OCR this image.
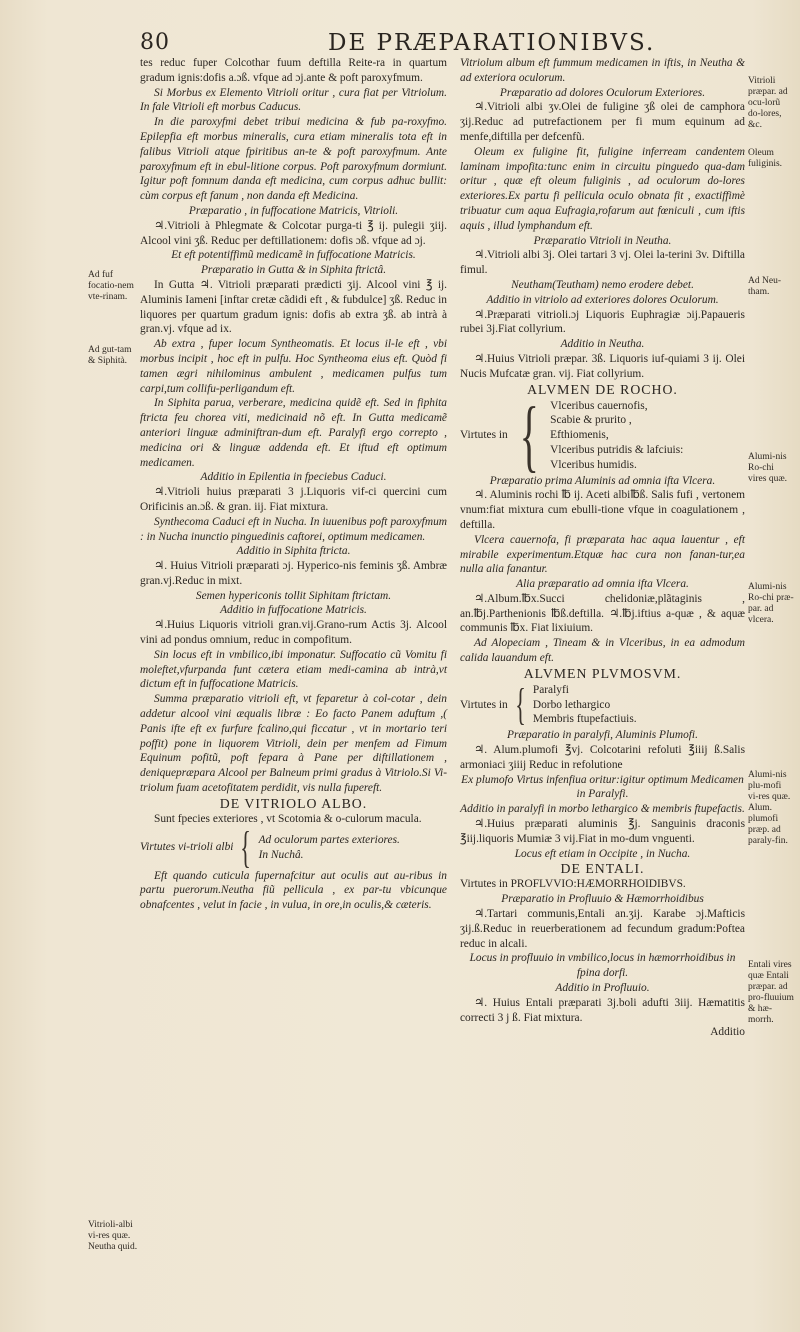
80	DE PRÆPARATIONIBVS.

tes reduc fuper Colcothar fuum deftilla Reite-ra in quartum gradum ignis:dofis a.ɔß. vfque ad ɔj.ante & poft paroxyfmum.

Si Morbus ex Elemento Vitrioli oritur , cura fiat per Vitriolum. In fale Vitrioli eft morbus Caducus.

In die paroxyfmi debet tribui medicina & fub pa-roxyfmo. Epilepfia eft morbus mineralis, cura etiam mineralis tota eft in falibus Vitrioli atque fpiritibus an-te & poft paroxyfmum. Ante paroxyfmum eft in ebul-litione corpus. Poft paroxyfmum dormiunt. Igitur poft fomnum danda eft medicina, cum corpus adhuc bullit: cùm corpus eft fanum , non danda eft Medicina.

Præparatio , in fuffocatione Matricis, Vitrioli.

♃.Vitrioli à Phlegmate & Colcotar purga-ti ℥ ij. pulegii ʒiij. Alcool vini ʒß. Reduc per deftillationem: dofis ɔß. vfque ad ɔj.

Et eft potentiffimũ medicamẽ in fuffocatione Matricis.

Præparatio in Gutta & in Siphita ftrictâ.

In Gutta ♃. Vitrioli præparati prædicti ʒij. Alcool vini ℥ ij. Aluminis Iameni [inftar cretæ cãdidi eft , & fubdulce] ʒß. Reduc in liquores per quartum gradum ignis: dofis ab extra ʒß. ab intrà à gran.vj. vfque ad ix.

Ab extra , fuper locum Syntheomatis. Et locus il-le eft , vbi morbus incipit , hoc eft in pulfu. Hoc Syntheoma eius eft. Quòd fi tamen ægri nihilominus ambulent , medicamen pulfus tum carpi,tum collifu-perligandum eft.

In Siphita parua, verberare, medicina quidẽ eft. Sed in fiphita ftricta feu chorea viti, medicinaid nõ eft. In Gutta medicamẽ anteriori linguæ adminiftran-dum eft. Paralyfi ergo correpto , medicina ori & linguæ addenda eft. Et iftud eft optimum medicamen.

Additio in Epilentia in fpeciebus Caduci.

♃.Vitrioli huius præparati 3 j.Liquoris vif-ci quercini cum Orificinis an.ɔß. & gran. iij. Fiat mixtura.

Synthecoma Caduci eft in Nucha. In iuuenibus poft paroxyfmum : in Nucha inunctio pinguedinis caftorei, optimum medicamen.

Additio in Siphita ftricta.

♃. Huius Vitrioli præparati ɔj. Hyperico-nis feminis ʒß. Ambræ gran.vj.Reduc in mixt.

Semen hypericonis tollit Siphitam ftrictam.

Additio in fuffocatione Matricis.

♃.Huius Liquoris vitrioli gran.vij.Grano-rum Actis 3j. Alcool vini ad pondus omnium, reduc in compofitum.

Sin locus eft in vmbilico,ibi imponatur. Suffocatio cũ Vomitu fi moleftet,vfurpanda funt cætera etiam medi-camina ab intrà,vt dictum eft in fuffocatione Matricis.

Summa præparatio vitrioli eft, vt feparetur à col-cotar , dein addetur alcool vini æqualis libræ : Eo facto Panem aduftum ,( Panis ifte eft ex furfure fcalino,qui ficcatur , vt in mortario teri poffit) pone in liquorem Vitrioli, dein per menfem ad Fimum Equinum pofitũ, poft fepara à Pane per diftillationem , deniquepræpara Alcool per Balneum primi gradus à Vitriolo.Si Vi-triolum fuam acetofitatem perdidit, vis nulla fupereft.

DE VITRIOLO ALBO.

Sunt fpecies exteriores , vt Scotomia & o-culorum macula.

Virtutes vi-trioli albi { Ad oculorum partes exteriores.
In Nuchâ.

Eft quando cuticula fupernafcitur aut oculis aut au-ribus in partu puerorum.Neutha fiũ pellicula , ex par-tu vbicunque obnafcentes , velut in facie , in vulua, in ore,in oculis,& cæteris.

Vitriolum album eft fummum medicamen in iftis, in Neutha & ad exteriora oculorum.

Præparatio ad dolores Oculorum Exteriores.

♃.Vitrioli albi ʒv.Olei de fuligine ʒß olei de camphora ʒij.Reduc ad putrefactionem per fi mum equinum ad menfe,diftilla per defcenfũ.

Oleum ex fuligine fit, fuligine inferream candentem laminam impofita:tunc enim in circuitu pinguedo qua-dam oritur , quæ eft oleum fuliginis , ad oculorum do-lores exteriores.Ex partu fi pellicula oculo obnata fit , exactiffimè tribuatur cum aqua Eufragia,rofarum aut fœniculi , cum iftis aquis , illud lymphandum eft.

Præparatio Vitrioli in Neutha.

♃.Vitrioli albi 3j. Olei tartari 3 vj. Olei la-terini 3v. Diftilla fimul.

Neutham(Teutham) nemo erodere debet.

Additio in vitriolo ad exteriores dolores Oculorum.

♃.Præparati vitrioli.ɔj Liquoris Euphragiæ ɔij.Papaueris rubei 3j.Fiat collyrium.

Additio in Neutha.

♃.Huius Vitrioli præpar. 3ß. Liquoris iuf-quiami 3 ij. Olei Nucis Mufcatæ gran. vij. Fiat collyrium.

ALVMEN DE ROCHO.

Virtutes in { Vlceribus cauernofis,
Scabie & prurito ,
Efthiomenis,
Vlceribus putridis & lafciuis:
Vlceribus humidis.

Præparatio prima Aluminis ad omnia ifta Vlcera.

♃. Aluminis rochi ℔ ij. Aceti albi℔ß. Salis fufi , vertonem vnum:fiat mixtura cum ebulli-tione vfque in coagulationem , deftilla.

Vlcera cauernofa, fi præparata hac aqua lauentur , eft mirabile experimentum.Etquæ hac cura non fanan-tur,ea nulla alia fanantur.

Alia præparatio ad omnia ifta Vlcera.

♃.Album.℔x.Succi chelidoniæ,plãtaginis , an.℔j.Parthenionis ℔ß.deftilla. ♃.℔j.iftius a-quæ , & aquæ communis ℔x. Fiat lixiuium.

Ad Alopeciam , Tineam & in Vlceribus, in ea admodum calida lauandum eft.

ALVMEN PLVMOSVM.

Virtutes in { Paralyfi
Dorbo lethargico
Membris ftupefactiuis.

Præparatio in paralyfi, Aluminis Plumofi.

♃. Alum.plumofi ℥vj. Colcotarini refoluti ℥iiij ß.Salis armoniaci ʒiiij Reduc in refolutione

Ex plumofo Virtus infenfiua oritur:igitur optimum Medicamen in Paralyfi.

Additio in paralyfi in morbo lethargico & membris ftupefactis.

♃.Huius præparati aluminis ℥j. Sanguinis draconis ℥iij.liquoris Mumiæ 3 vij.Fiat in mo-dum vnguenti.

Locus eft etiam in Occipite , in Nucha.

DE ENTALI.

Virtutes in PROFLVVIO:HÆMORRHOIDIBVS.

Præparatio in Profluuio & Hæmorrhoidibus

♃.Tartari communis,Entali an.ʒij. Karabe ɔj.Mafticis ʒij.ß.Reduc in reuerberationem ad fecundum gradum:Poftea reduc in alcali.

Locus in profluuio in vmbilico,locus in hæmorrhoidibus in fpina dorfi.

Additio in Profluuio.

♃. Huius Entali præparati 3j.boli adufti 3iij. Hæmatitis correcti 3 j ß. Fiat mixtura.

Additio

Ad fuf focatio-nem vte-rinam.
Ad gut-tam & Siphità.
Vitrioli-albi vi-res quæ. Neutha quid.
Vitrioli præpar. ad ocu-lorũ do-lores, &c.
Oleum fuliginis.
Ad Neu-tham.
Alumi-nis Ro-chi vires quæ.
Alumi-nis Ro-chi præ-par. ad vlcera.
Alumi-nis plu-mofi vi-res quæ. Alum. plumofi præp. ad paraly-fin.
Entali vires quæ Entali præpar. ad pro-fluuium & hæ-morrh.
